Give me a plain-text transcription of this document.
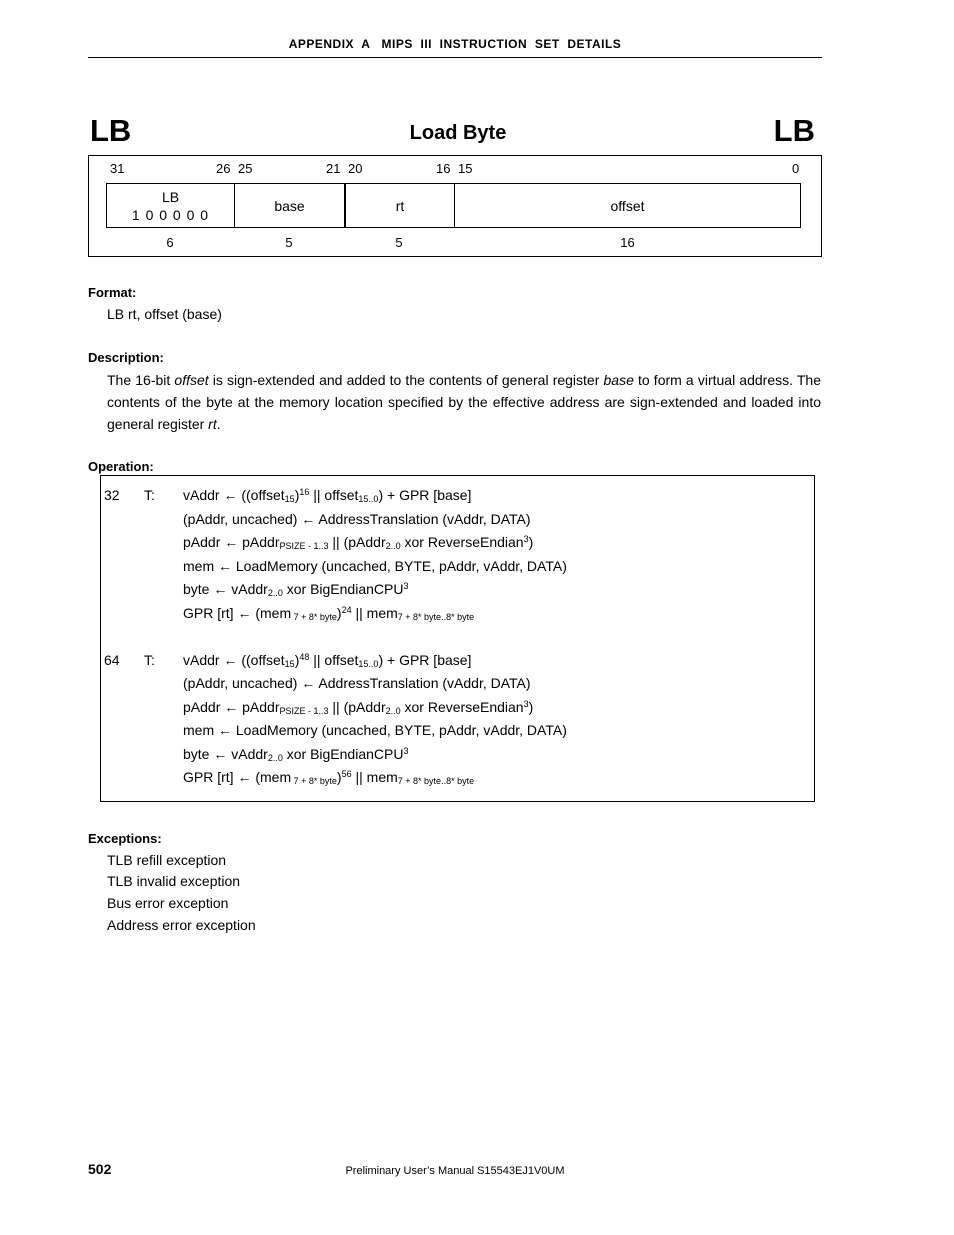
APPENDIX  A   MIPS  III  INSTRUCTION  SET  DETAILS
LB	Load Byte	LB
31	26 25	21 20	16 15	0
LB
1 0 0 0 0 0
base	rt	offset
6	5	5	16
Format:
LB rt, offset (base)
Description:
The 16-bit offset is sign-extended and added to the contents of general register base to form a virtual address. The contents of the byte at the memory location specified by the effective address are sign-extended and loaded into general register rt.
Operation:
32 T: vAddr ← ((offset$_{15}$)$^{16}$ || offset$_{15..0}$) + GPR [base]
(pAddr, uncached) ← AddressTranslation (vAddr, DATA)
pAddr ← pAddr$_{PSIZE - 1..3}$ || (pAddr$_{2..0}$ xor ReverseEndian$^3$)
mem ← LoadMemory (uncached, BYTE, pAddr, vAddr, DATA)
byte ← vAddr$_{2..0}$ xor BigEndianCPU$^3$
GPR [rt] ← (mem $_{7 + 8* byte}$)$^{24}$ || mem$_{7 + 8* byte..8* byte}$
64 T: vAddr ← ((offset$_{15}$)$^{48}$ || offset$_{15..0}$) + GPR [base]
(pAddr, uncached) ← AddressTranslation (vAddr, DATA)
pAddr ← pAddr$_{PSIZE - 1..3}$ || (pAddr$_{2..0}$ xor ReverseEndian$^3$)
mem ← LoadMemory (uncached, BYTE, pAddr, vAddr, DATA)
byte ← vAddr$_{2..0}$ xor BigEndianCPU$^3$
GPR [rt] ← (mem $_{7 + 8* byte}$)$^{56}$ || mem$_{7 + 8* byte..8* byte}$
Exceptions:
TLB refill exception
TLB invalid exception
Bus error exception
Address error exception
502	Preliminary User’s Manual S15543EJ1V0UM
